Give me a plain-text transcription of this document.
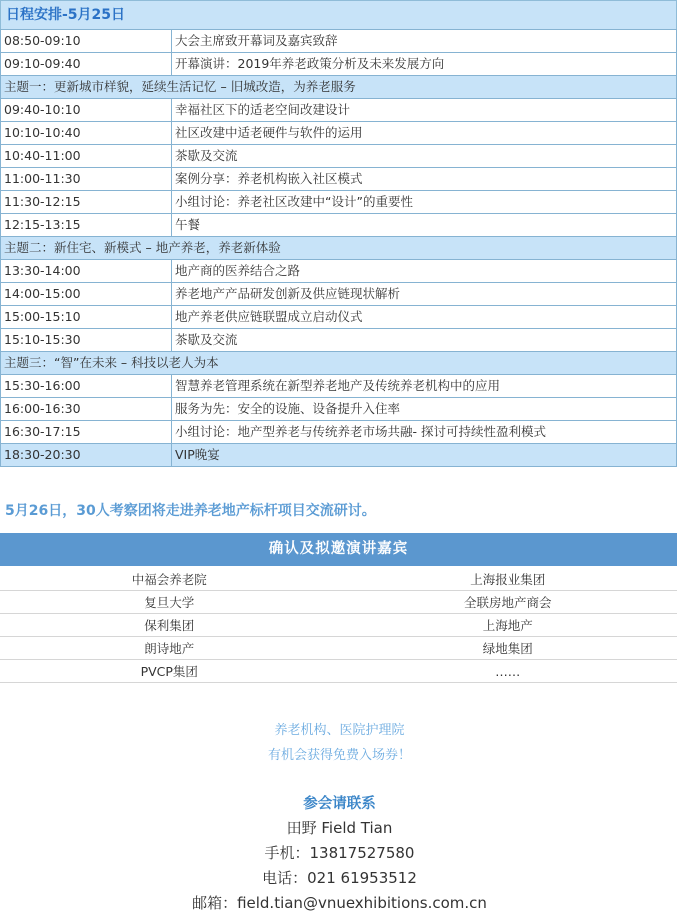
日程安排-5月25日
08:50-09:10	大会主席致开幕词及嘉宾致辞
09:10-09:40	开幕演讲：2019年养老政策分析及未来发展方向
主题一：更新城市样貌，延续生活记忆 – 旧城改造，为养老服务	
09:40-10:10	幸福社区下的适老空间改建设计
10:10-10:40	社区改建中适老硬件与软件的运用
10:40-11:00	茶歇及交流
11:00-11:30	案例分享：养老机构嵌入社区模式
11:30-12:15	小组讨论：养老社区改建中“设计”的重要性
12:15-13:15	午餐
主题二：新住宅、新模式 – 地产养老，养老新体验	
13:30-14:00	地产商的医养结合之路
14:00-15:00	养老地产产品研发创新及供应链现状解析
15:00-15:10	地产养老供应链联盟成立启动仪式
15:10-15:30	茶歇及交流
主题三：“智”在未来 – 科技以老人为本	
15:30-16:00	智慧养老管理系统在新型养老地产及传统养老机构中的应用
16:00-16:30	服务为先：安全的设施、设备提升入住率
16:30-17:15	小组讨论：地产型养老与传统养老市场共融- 探讨可持续性盈利模式
18:30-20:30	VIP晚宴
5月26日，30人考察团将走进养老地产标杆项目交流研讨。
确认及拟邀演讲嘉宾
中福会养老院	上海报业集团
复旦大学	全联房地产商会
保利集团	上海地产
朗诗地产	绿地集团
PVCP集团	……
养老机构、医院护理院
有机会获得免费入场券！
参会请联系
田野 Field Tian
手机：13817527580
电话：021 61953512
邮箱：field.tian@vnuexhibitions.com.cn
